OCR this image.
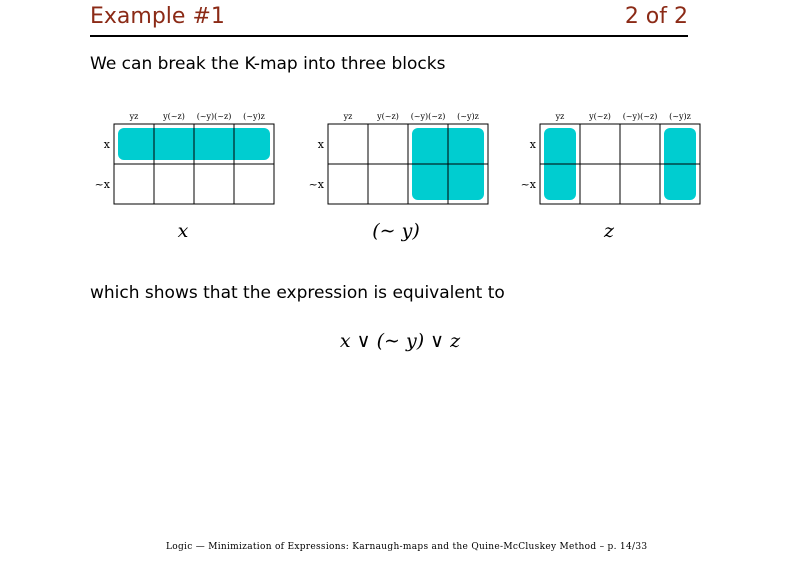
Example #1	2 of 2
We can break the K-map into three blocks
yz	y(~z) (~y)(~z) (~y)z
x
~x
yz	y(~z) (~y)(~z) (~y)z
x
~x
yz	y(~z) (~y)(~z) (~y)z
x
~x
x	(∼ y)	z
which shows that the expression is equivalent to
x ∨ (∼ y) ∨ z
Logic — Minimization of Expressions: Karnaugh-maps and the Quine-McCluskey Method – p. 14/33
